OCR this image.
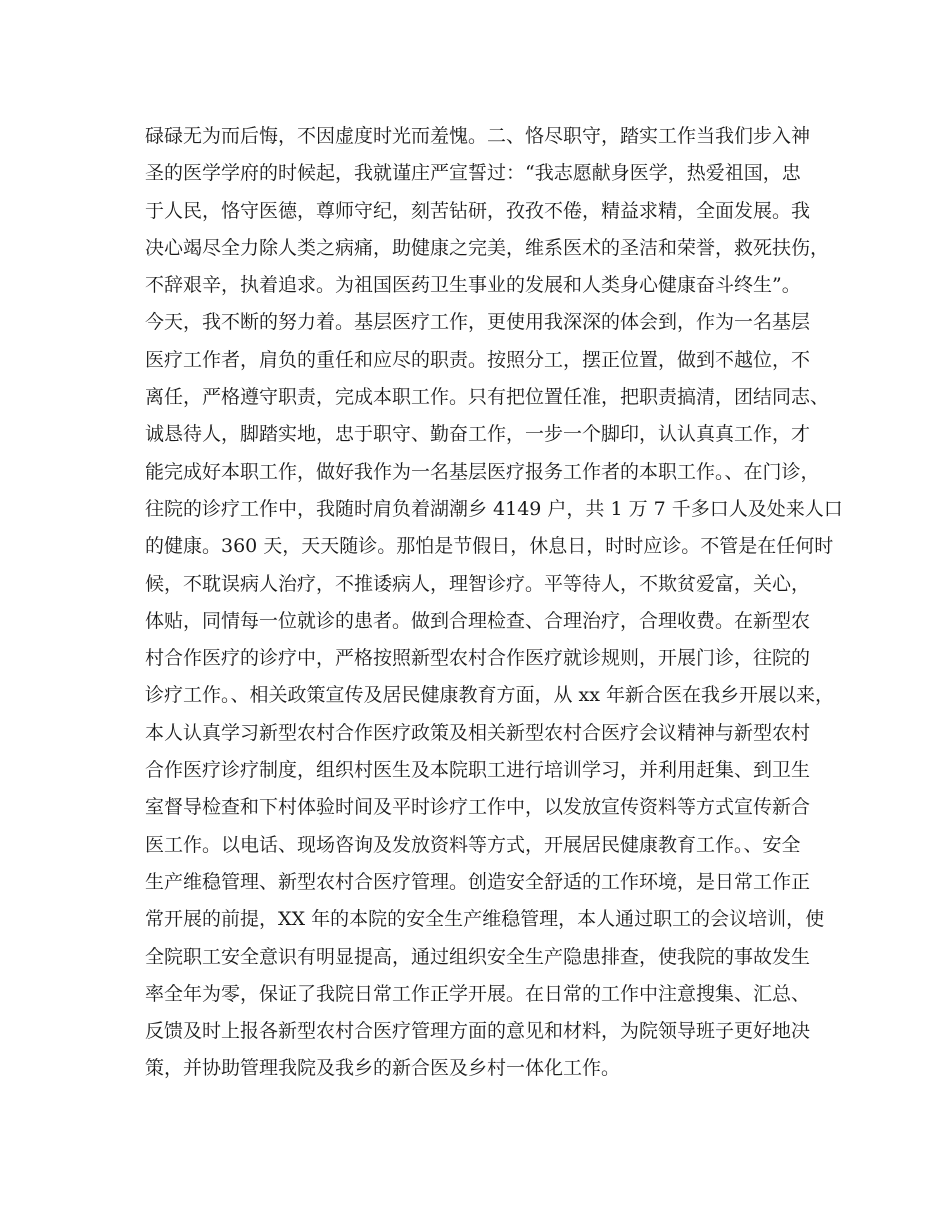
碌碌无为而后悔，不因虚度时光而羞愧。二、恪尽职守，踏实工作当我们步入神
圣的医学学府的时候起，我就谨庄严宣誓过：“我志愿献身医学，热爱祖国，忠
于人民，恪守医德，尊师守纪，刻苦钻研，孜孜不倦，精益求精，全面发展。我
决心竭尽全力除人类之病痛，助健康之完美，维系医术的圣洁和荣誉，救死扶伤，
不辞艰辛，执着追求。为祖国医药卫生事业的发展和人类身心健康奋斗终生”。
今天，我不断的努力着。基层医疗工作，更使用我深深的体会到，作为一名基层
医疗工作者，肩负的重任和应尽的职责。按照分工，摆正位置，做到不越位，不
离任，严格遵守职责，完成本职工作。只有把位置任准，把职责搞清，团结同志、
诚恳待人，脚踏实地，忠于职守、勤奋工作，一步一个脚印，认认真真工作，才
能完成好本职工作，做好我作为一名基层医疗报务工作者的本职工作。、在门诊，
往院的诊疗工作中，我随时肩负着湖潮乡 4149 户，共 1 万 7 千多口人及处来人口
的健康。360 天，天天随诊。那怕是节假日，休息日，时时应诊。不管是在任何时
候，不耽误病人治疗，不推诿病人，理智诊疗。平等待人，不欺贫爱富，关心，
体贴，同情每一位就诊的患者。做到合理检查、合理治疗，合理收费。在新型农
村合作医疗的诊疗中，严格按照新型农村合作医疗就诊规则，开展门诊，往院的
诊疗工作。、相关政策宣传及居民健康教育方面，从 xx 年新合医在我乡开展以来，
本人认真学习新型农村合作医疗政策及相关新型农村合医疗会议精神与新型农村
合作医疗诊疗制度，组织村医生及本院职工进行培训学习，并利用赶集、到卫生
室督导检查和下村体验时间及平时诊疗工作中，以发放宣传资料等方式宣传新合
医工作。以电话、现场咨询及发放资料等方式，开展居民健康教育工作。、安全
生产维稳管理、新型农村合医疗管理。创造安全舒适的工作环境，是日常工作正
常开展的前提，XX 年的本院的安全生产维稳管理，本人通过职工的会议培训，使
全院职工安全意识有明显提高，通过组织安全生产隐患排查，使我院的事故发生
率全年为零，保证了我院日常工作正学开展。在日常的工作中注意搜集、汇总、
反馈及时上报各新型农村合医疗管理方面的意见和材料，为院领导班子更好地决
策，并协助管理我院及我乡的新合医及乡村一体化工作。
